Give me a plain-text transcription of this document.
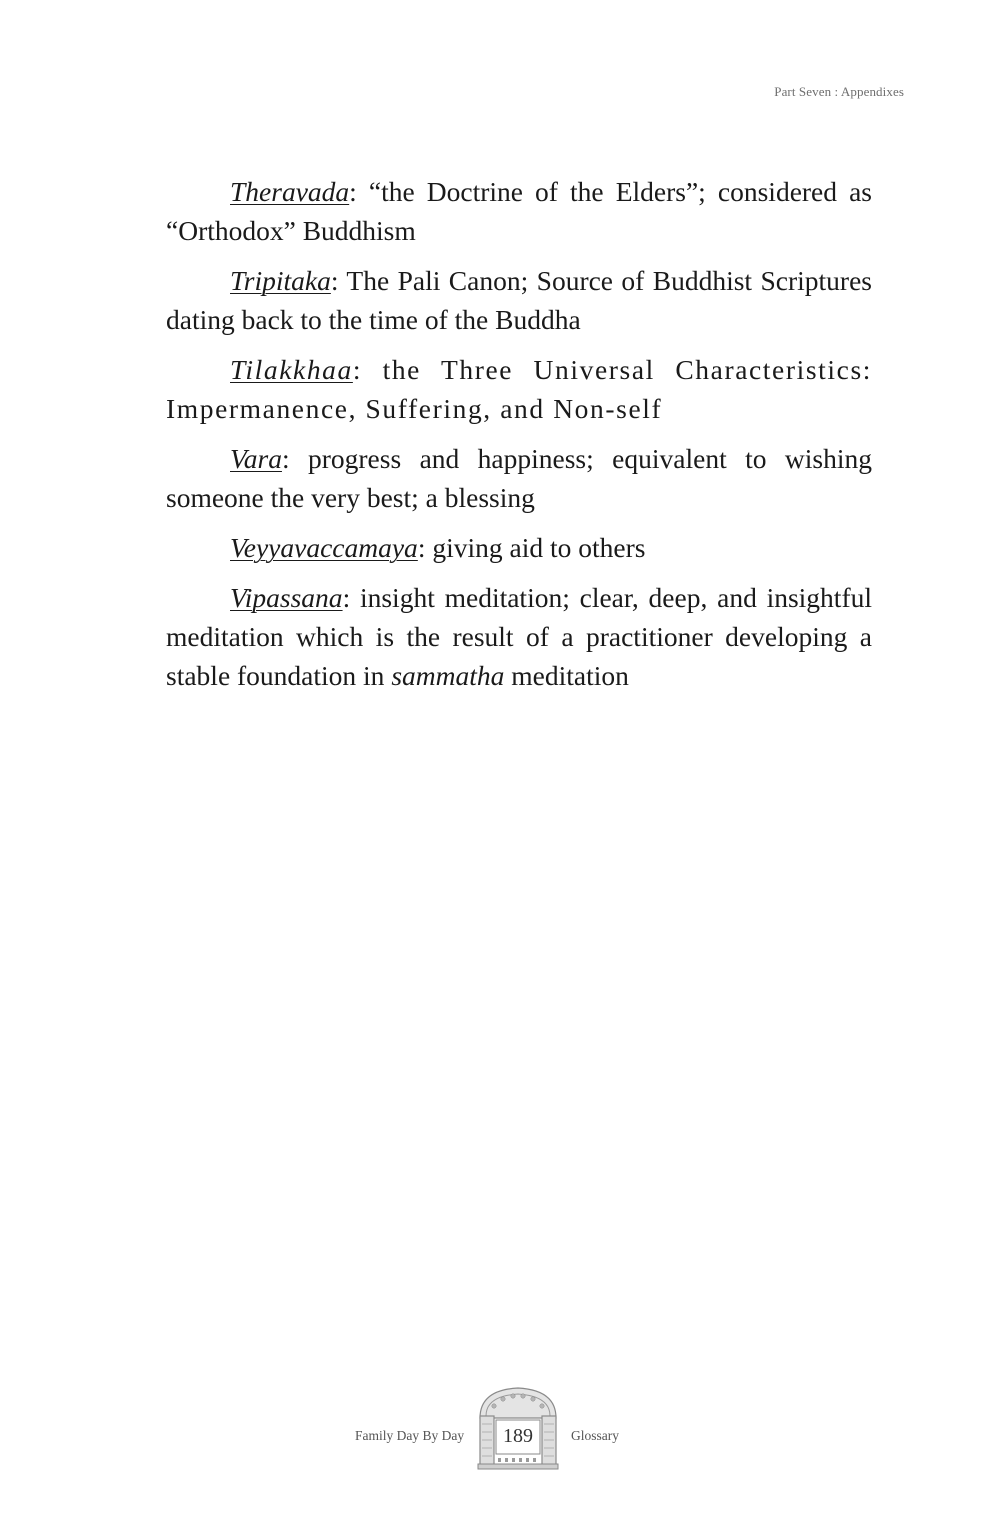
Part Seven : Appendixes

Theravada: “the Doctrine of the Elders”; considered as “Orthodox” Buddhism

Tripitaka: The Pali Canon; Source of Buddhist Scriptures dating back to the time of the Buddha

Tilakkhaa: the Three Universal Characteristics: Impermanence, Suffering, and Non-self

Vara: progress and happiness; equivalent to wishing someone the very best; a blessing

Veyyavaccamaya: giving aid to others

Vipassana: insight meditation; clear, deep, and insightful meditation which is the result of a practitioner developing a stable foundation in sammatha meditation

Family Day By Day	189	Glossary
